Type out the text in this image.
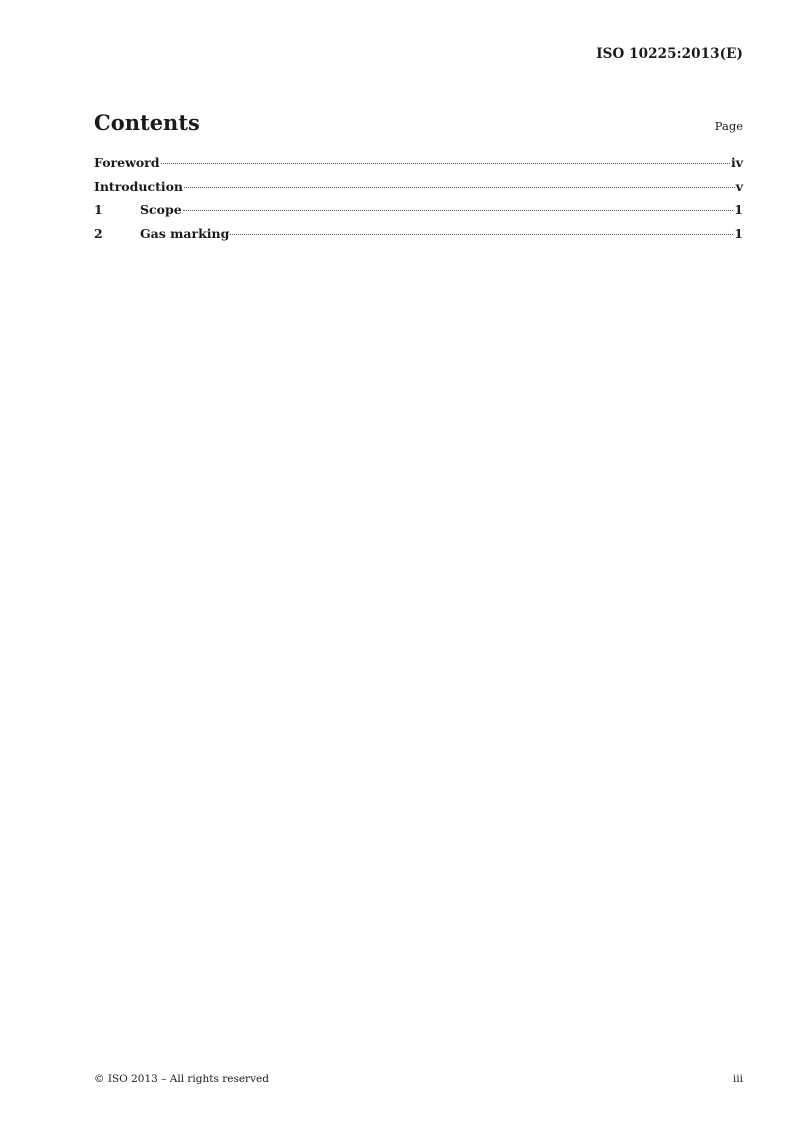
ISO 10225:2013(E)
Contents	Page
Foreword	iv
Introduction	v
1	Scope	1
2	Gas marking	1
© ISO 2013 – All rights reserved	iii
